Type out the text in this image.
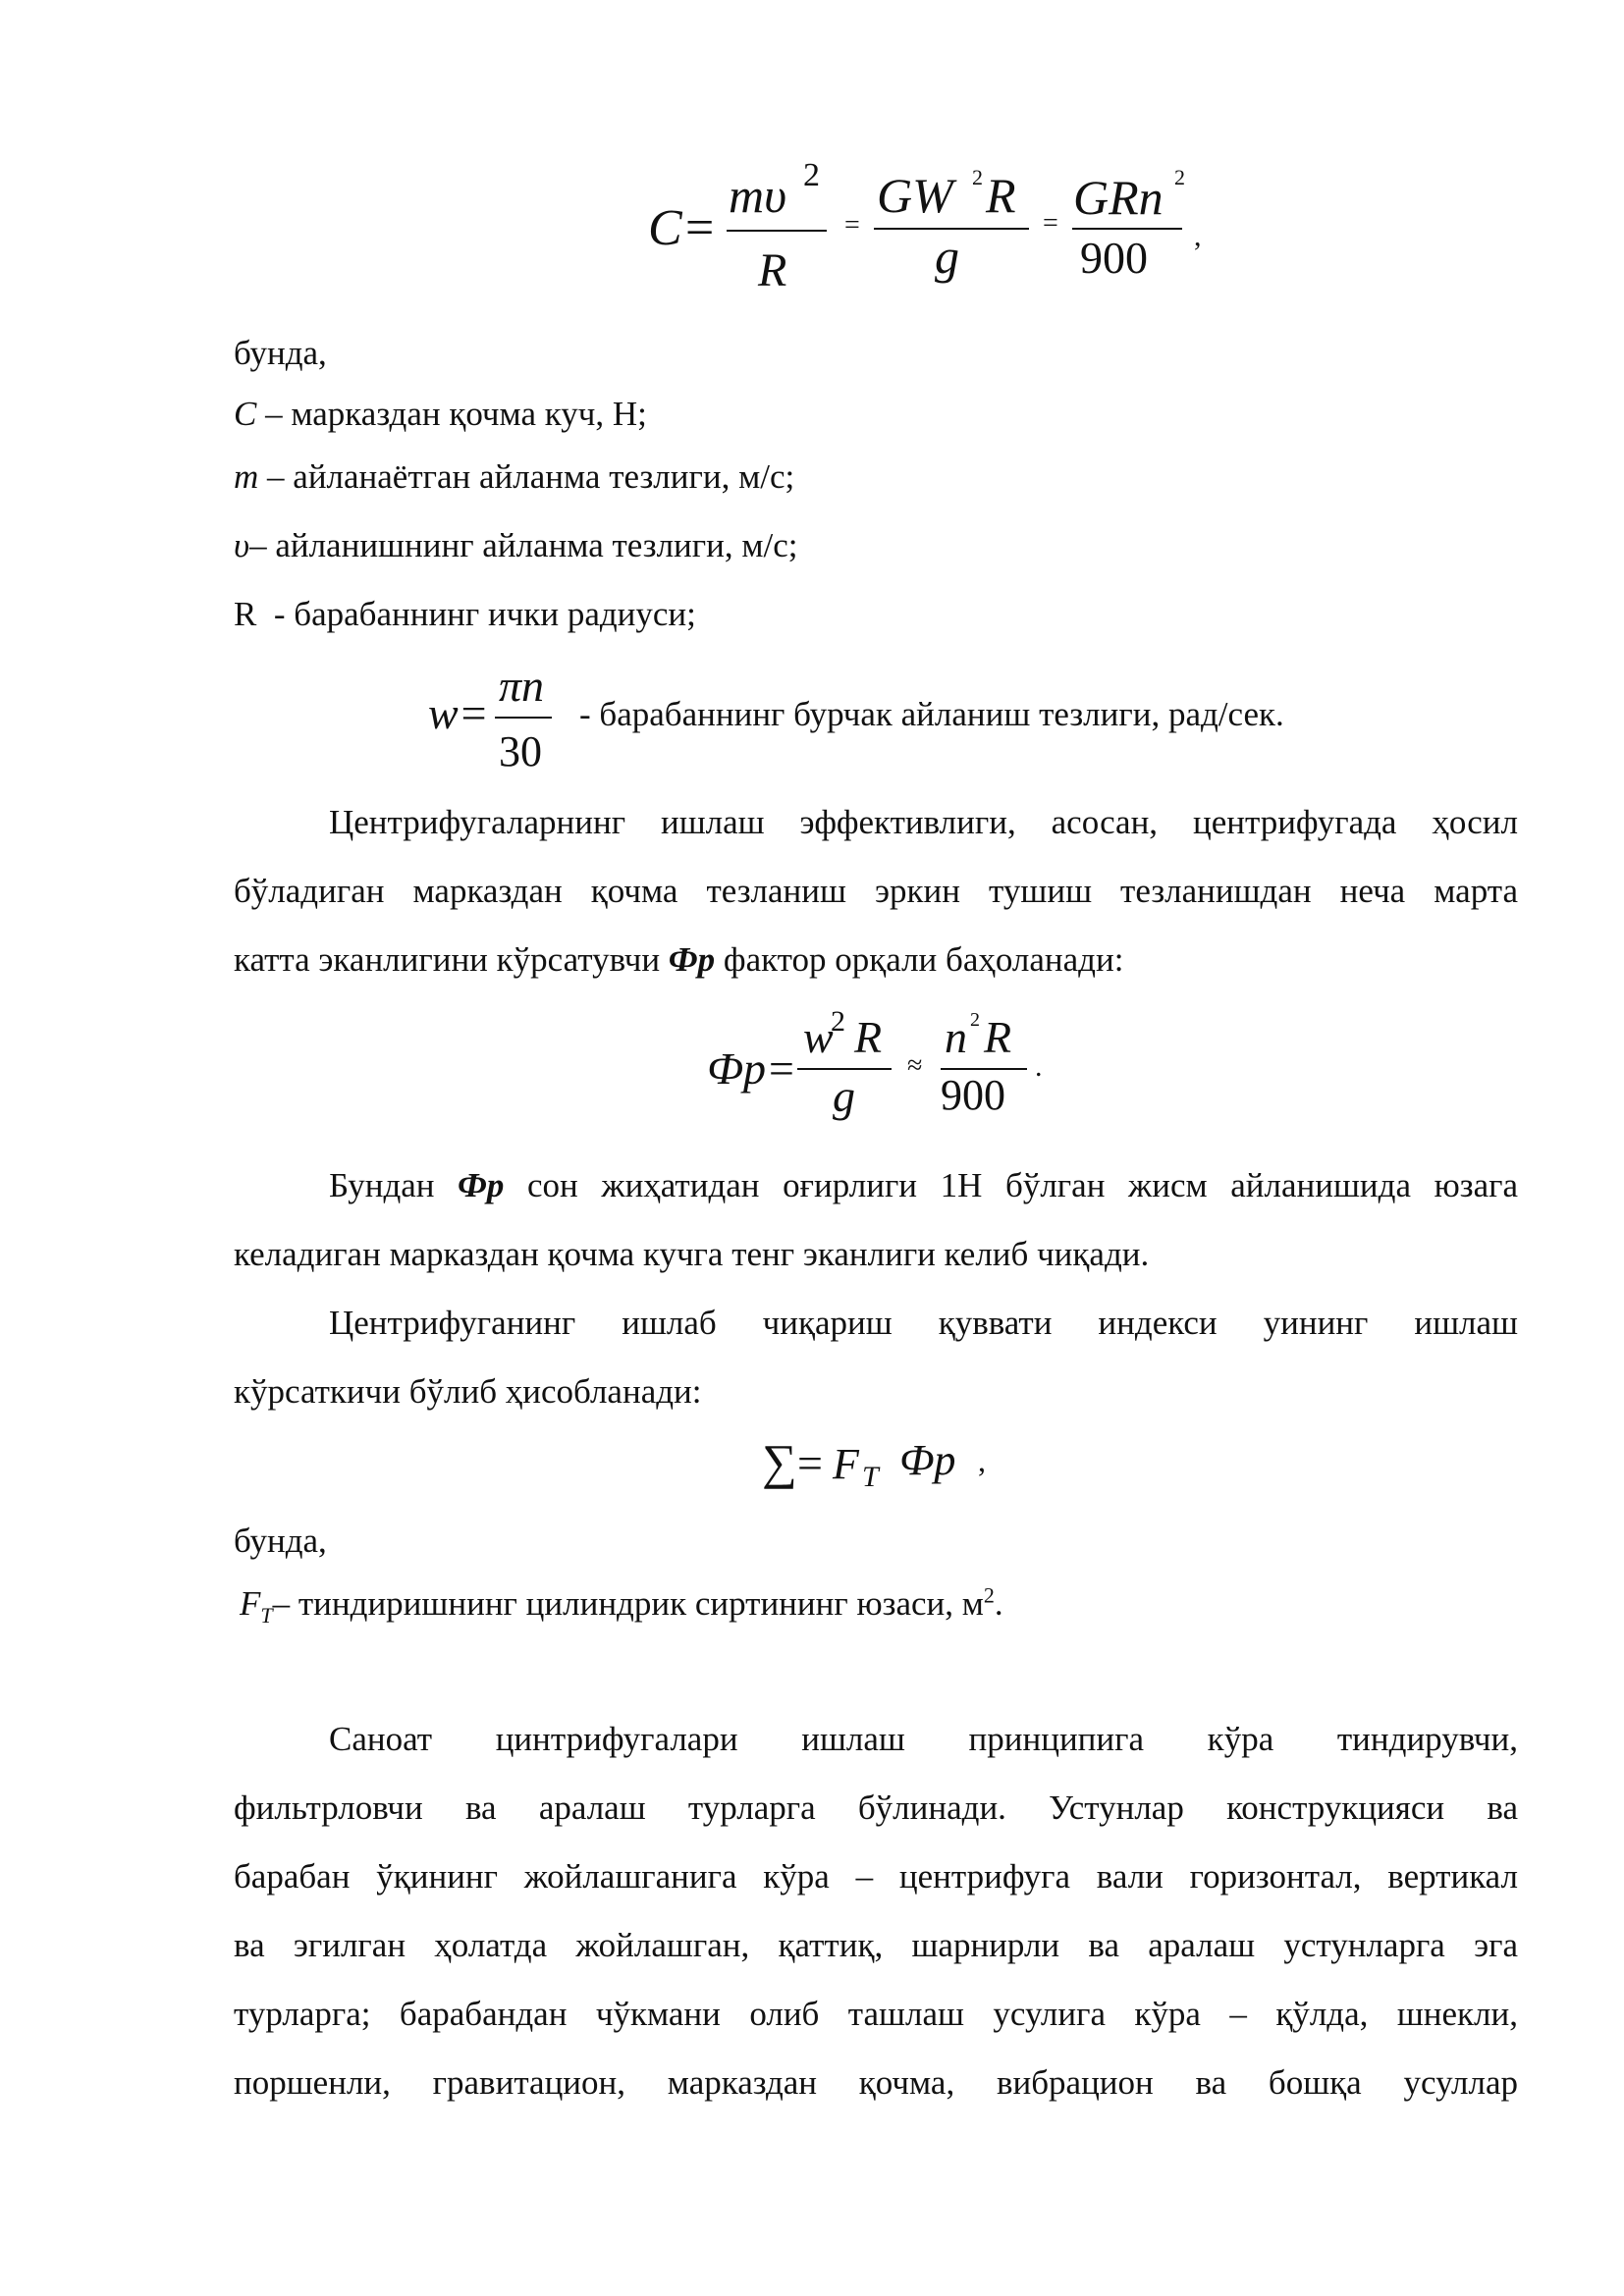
C=
mυ 2
R
=
GW 2 R
g
= GRn 2
900 ,
бунда,
C – марказдан қочма куч, Н;
m – айланаётган айланма тезлиги, м/с;
υ– айланишнинг айланма тезлиги, м/с;
R  - барабаннинг ички радиуси;
w=
πn
30
- барабаннинг бурчак айланиш тезлиги, рад/сек.
Центрифугаларнинг ишлаш эффективлиги, асосан, центрифугада ҳосил
бўладиган марказдан қочма тезланиш эркин тушиш тезланишдан неча марта
катта эканлигини кўрсатувчи Фр фактор орқали баҳоланади:
Фр=
w
2 R
g
≈
n 2 R
900
.
Бундан Фр сон жиҳатидан оғирлиги 1Н бўлган жисм айланишида юзага
келадиган марказдан қочма кучга тенг эканлиги келиб чиқади.
Центрифуганинг ишлаб чиқариш қуввати индекси уининг ишлаш
кўрсаткичи бўлиб ҳисобланади:
∑ = F T Фр ,
бунда,
$F_T-$ тиндиришнинг цилиндрик сиртининг юзаси, $м^2$.
Саноат цинтрифугалари ишлаш принципига кўра тиндирувчи,
фильтрловчи ва аралаш турларга бўлинади. Устунлар конструкцияси ва
барабан ўқининг жойлашганига кўра – центрифуга вали горизонтал, вертикал
ва эгилган ҳолатда жойлашган, қаттиқ, шарнирли ва аралаш устунларга эга
турларга; барабандан чўкмани олиб ташлаш усулига кўра – қўлда, шнекли,
поршенли, гравитацион, марказдан қочма, вибрацион ва бошқа усуллар
